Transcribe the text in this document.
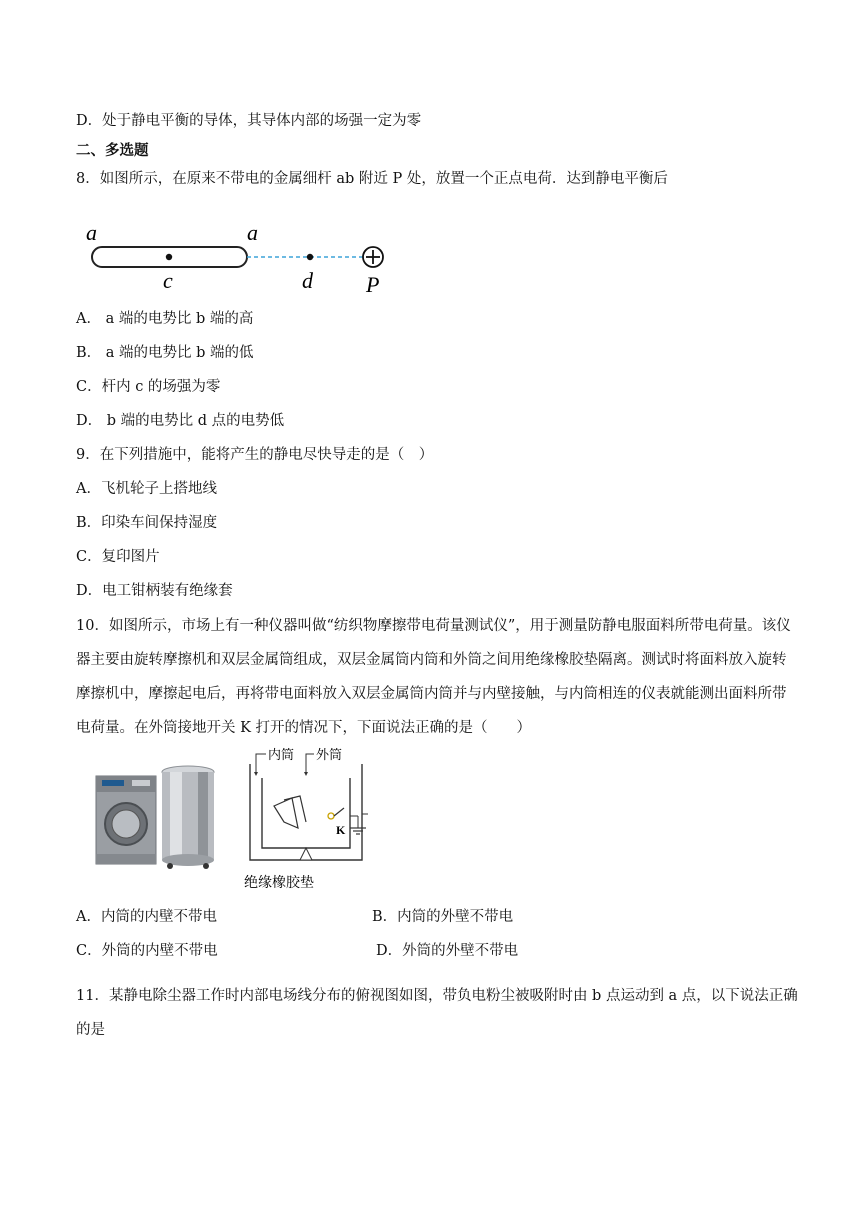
D．处于静电平衡的导体，其导体内部的场强一定为零
二、多选题
8．如图所示，在原来不带电的金属细杆 ab 附近 P 处，放置一个正点电荷．达到静电平衡后
a	a
c	d P
A． a 端的电势比 b 端的高
B． a 端的电势比 b 端的低
C．杆内 c 的场强为零
D． b 端的电势比 d 点的电势低
9．在下列措施中，能将产生的静电尽快导走的是（　）
A．飞机轮子上搭地线
B．印染车间保持湿度
C．复印图片
D．电工钳柄装有绝缘套
10．如图所示，市场上有一种仪器叫做“纺织物摩擦带电荷量测试仪”，用于测量防静电服面料所带电荷量。该仪器主要由旋转摩擦机和双层金属筒组成，双层金属筒内筒和外筒之间用绝缘橡胶垫隔离。测试时将面料放入旋转摩擦机中，摩擦起电后，再将带电面料放入双层金属筒内筒并与内壁接触，与内筒相连的仪表就能测出面料所带电荷量。在外筒接地开关 K 打开的情况下，下面说法正确的是（　　）
内筒 外筒
K
绝缘橡胶垫
A．内筒的内壁不带电	B．内筒的外壁不带电
C．外筒的内壁不带电	D．外筒的外壁不带电
11．某静电除尘器工作时内部电场线分布的俯视图如图，带负电粉尘被吸附时由 b 点运动到 a 点，以下说法正确的是
